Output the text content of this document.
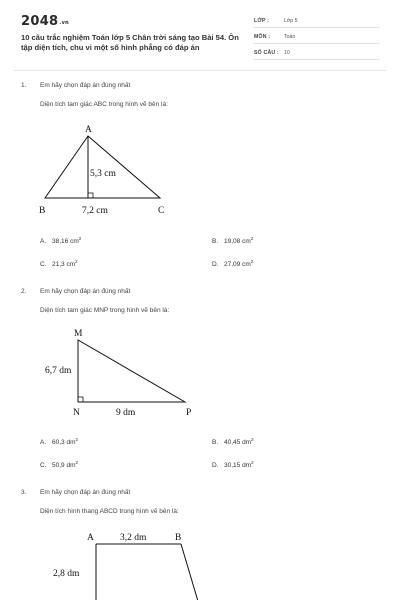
2048.vn
10 câu trắc nghiệm Toán lớp 5 Chân trời sáng tạo Bài 54. Ôn tập diện tích, chu vi một số hình phẳng có đáp án
LỚP :	Lớp 5
MÔN :	Toán
SỐ CÂU : 10
1. Em hãy chọn đáp án đúng nhất
Diện tích tam giác ABC trong hình vẽ bên là:
A
B	C
5,3 cm
7,2 cm
A. 38,16 $cm^2$	B. 19,08 $cm^2$
C. 21,3 $cm^2$	D. 27,09 $cm^2$
2. Em hãy chọn đáp án đúng nhất
Diện tích tam giác MNP trong hình vẽ bên là:
M
N	P
6,7 dm
9 dm
A. 60,3 $dm^2$	B. 40,45 $dm^2$
C. 50,9 $dm^2$	D. 30,15 $dm^2$
3. Em hãy chọn đáp án đúng nhất
Diện tích hình thang ABCD trong hình vẽ bên là:
A	B
3,2 dm
2,8 dm
